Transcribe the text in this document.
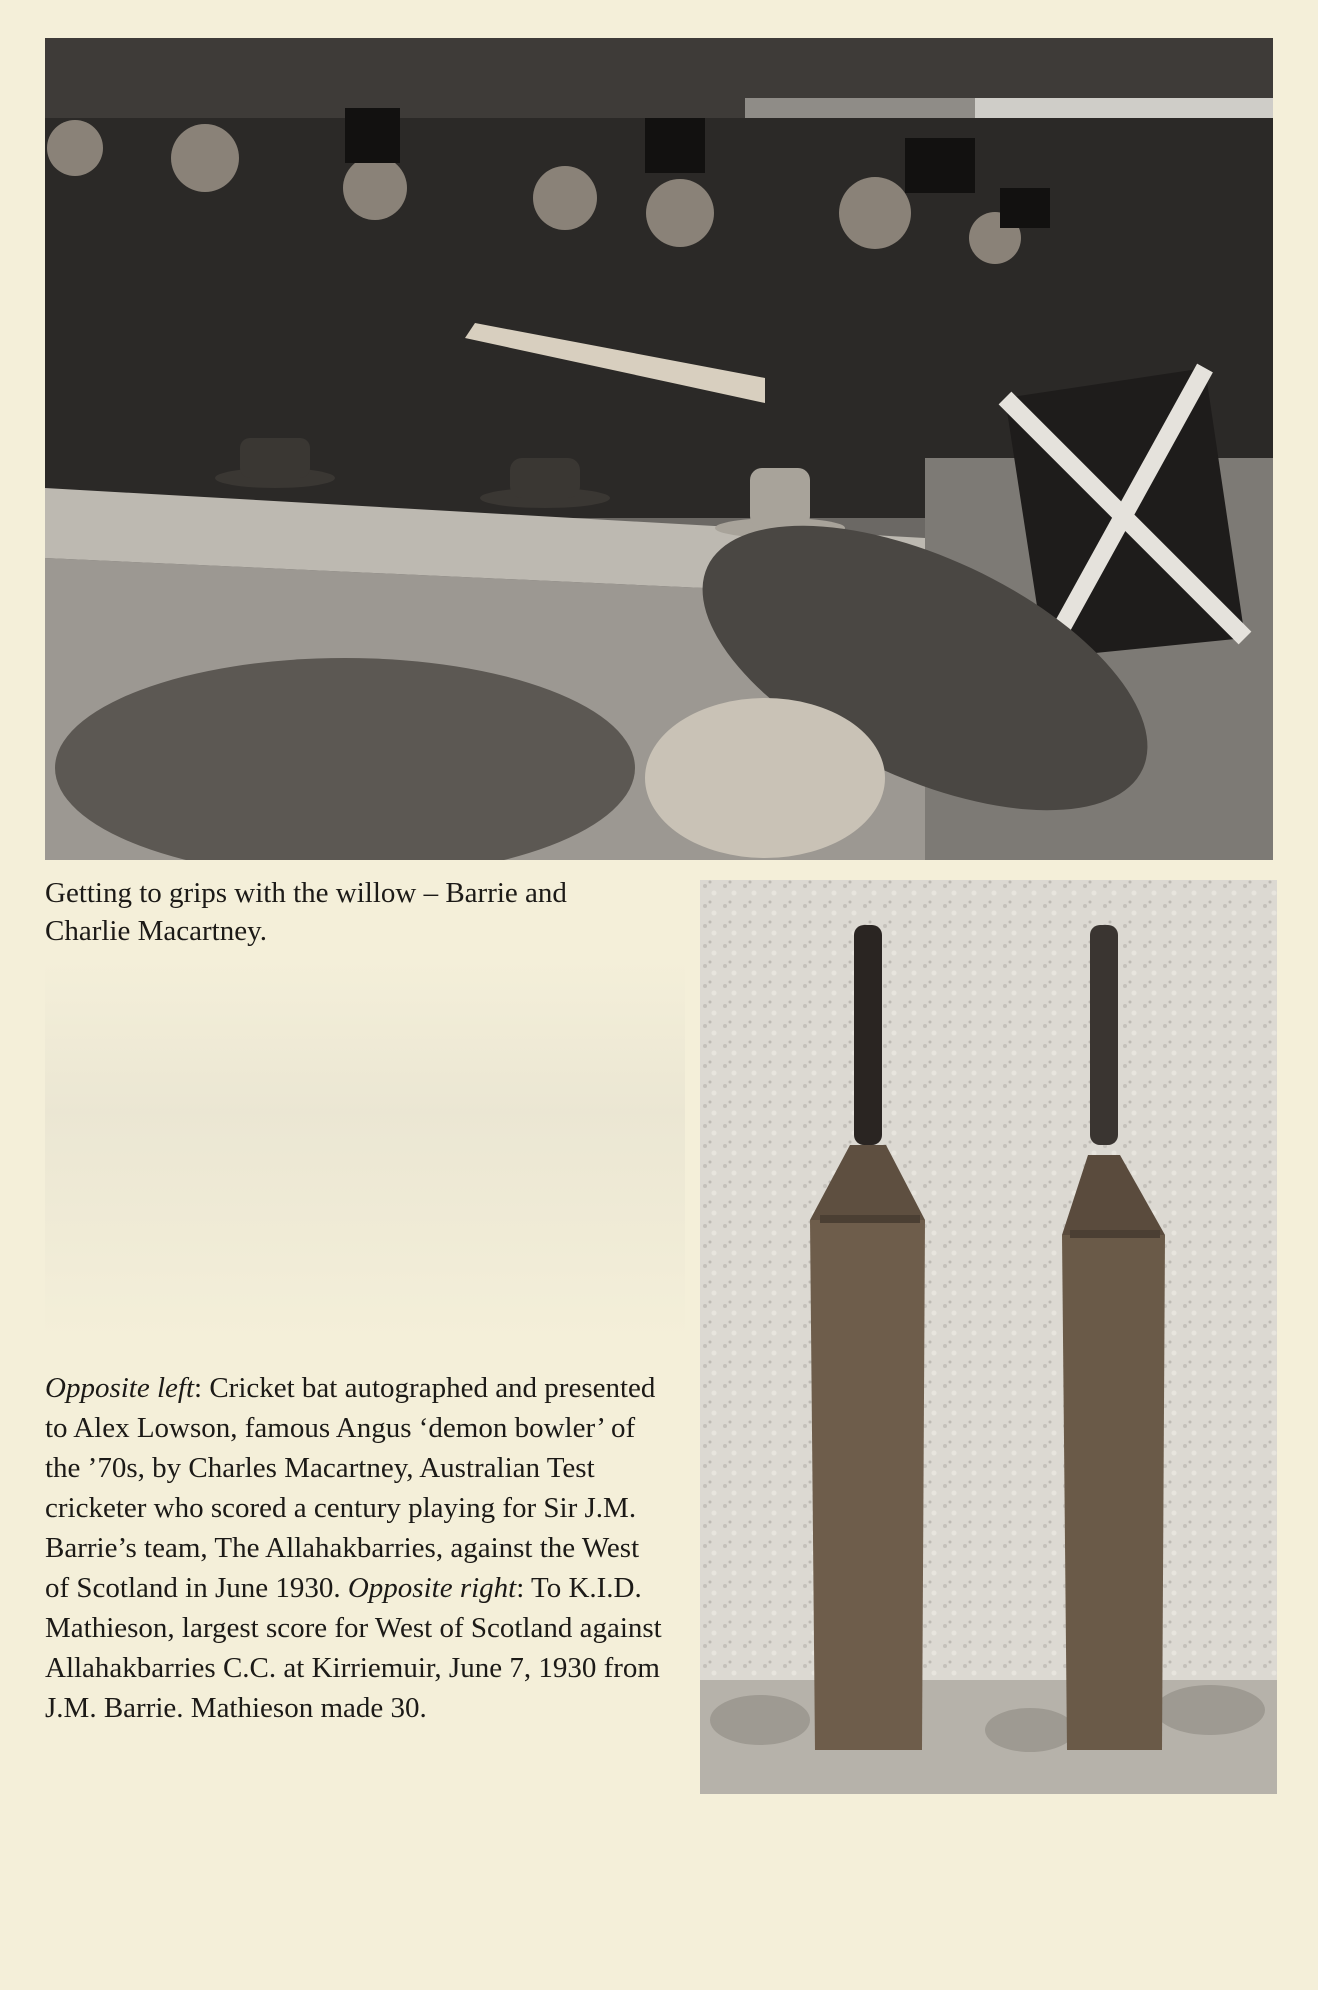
Getting to grips with the willow – Barrie and
Charlie Macartney.
Opposite left: Cricket bat autographed and presented to Alex Lowson, famous Angus ‘demon bowler’ of the ’70s, by Charles Macartney, Australian Test cricketer who scored a century playing for Sir J.M. Barrie’s team, The Allahakbarries, against the West of Scotland in June 1930. Opposite right: To K.I.D. Mathieson, largest score for West of Scotland against Allahakbarries C.C. at Kirriemuir, June 7, 1930 from J.M. Barrie. Mathieson made 30.
